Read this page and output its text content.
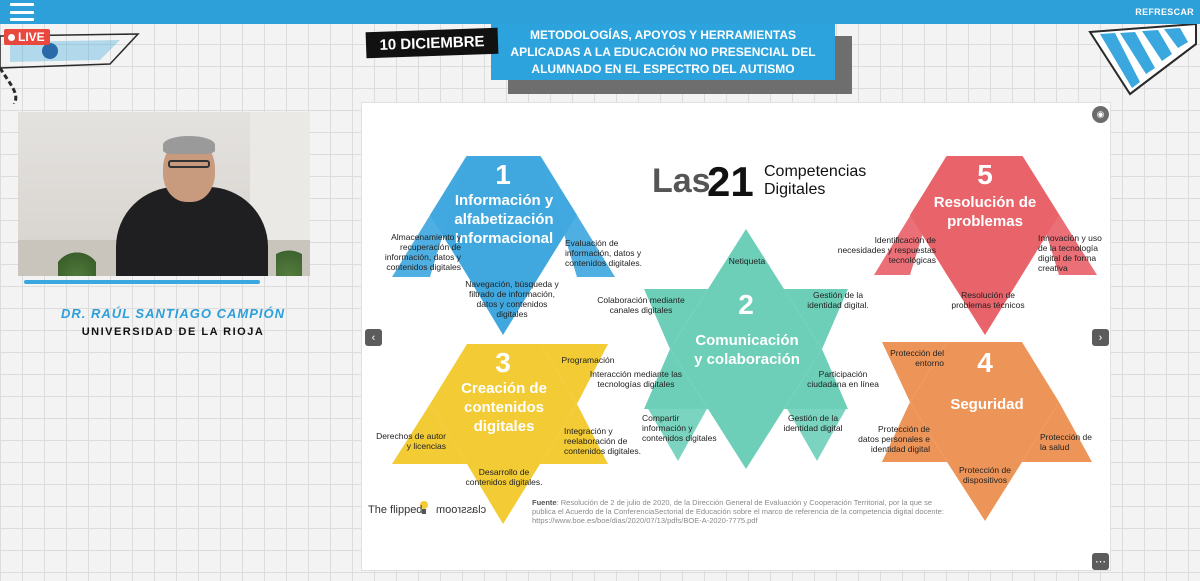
REFRESCAR
LIVE	10 DICIEMBRE	METODOLOGÍAS, APOYOS Y HERRAMIENTAS
APLICADAS A LA EDUCACIÓN NO PRESENCIAL DEL
ALUMNADO EN EL ESPECTRO DEL AUTISMO
DR. RAÚL SANTIAGO CAMPIÓN
UNIVERSIDAD DE LA RIOJA
Las
21 Competencias
Digitales
1
Información y
alfabetización
Informacional
Almacenamiento y
recuperación de
información, datos y
contenidos digitales
Evaluación de
información, datos y
contenidos digitales.
Navegación, búsqueda y
filtrado de información,
datos y contenidos
digitales	2
Comunicación
y colaboración
Netiqueta
Colaboración mediante
canales digitales
Gestión de la
identidad digital.
Interacción mediante las
tecnologías digitales
Participación
ciudadana en línea
Compartir
información y
contenidos digitales
Gestión de la
identidad digital
3
Creación de
contenidos
digitales
Programación
Derechos de autor
y licencias
Integración y
reelaboración de
contenidos digitales.
Desarrollo de
contenidos digitales.
4
Seguridad
Protección del
entorno
Protección de
datos personales e
identidad digital
Protección de
la salud
Protección de
dispositivos
5
Resolución de
problemas
Identificación de
necesidades y respuestas
tecnológicas
Innovación y uso
de la tecnología
digital de forma
creativa
Resolución de
problemas técnicos
The flipped classroom
Fuente: Resolución de 2 de julio de 2020, de la Dirección General de Evaluación y Cooperación Territorial, por la que se publica el Acuerdo de la ConferenciaSectorial de Educación sobre el marco de referencia de la competencia digital docente: https://www.boe.es/boe/dias/2020/07/13/pdfs/BOE-A-2020-7775.pdf
◉
‹	›
⋯
